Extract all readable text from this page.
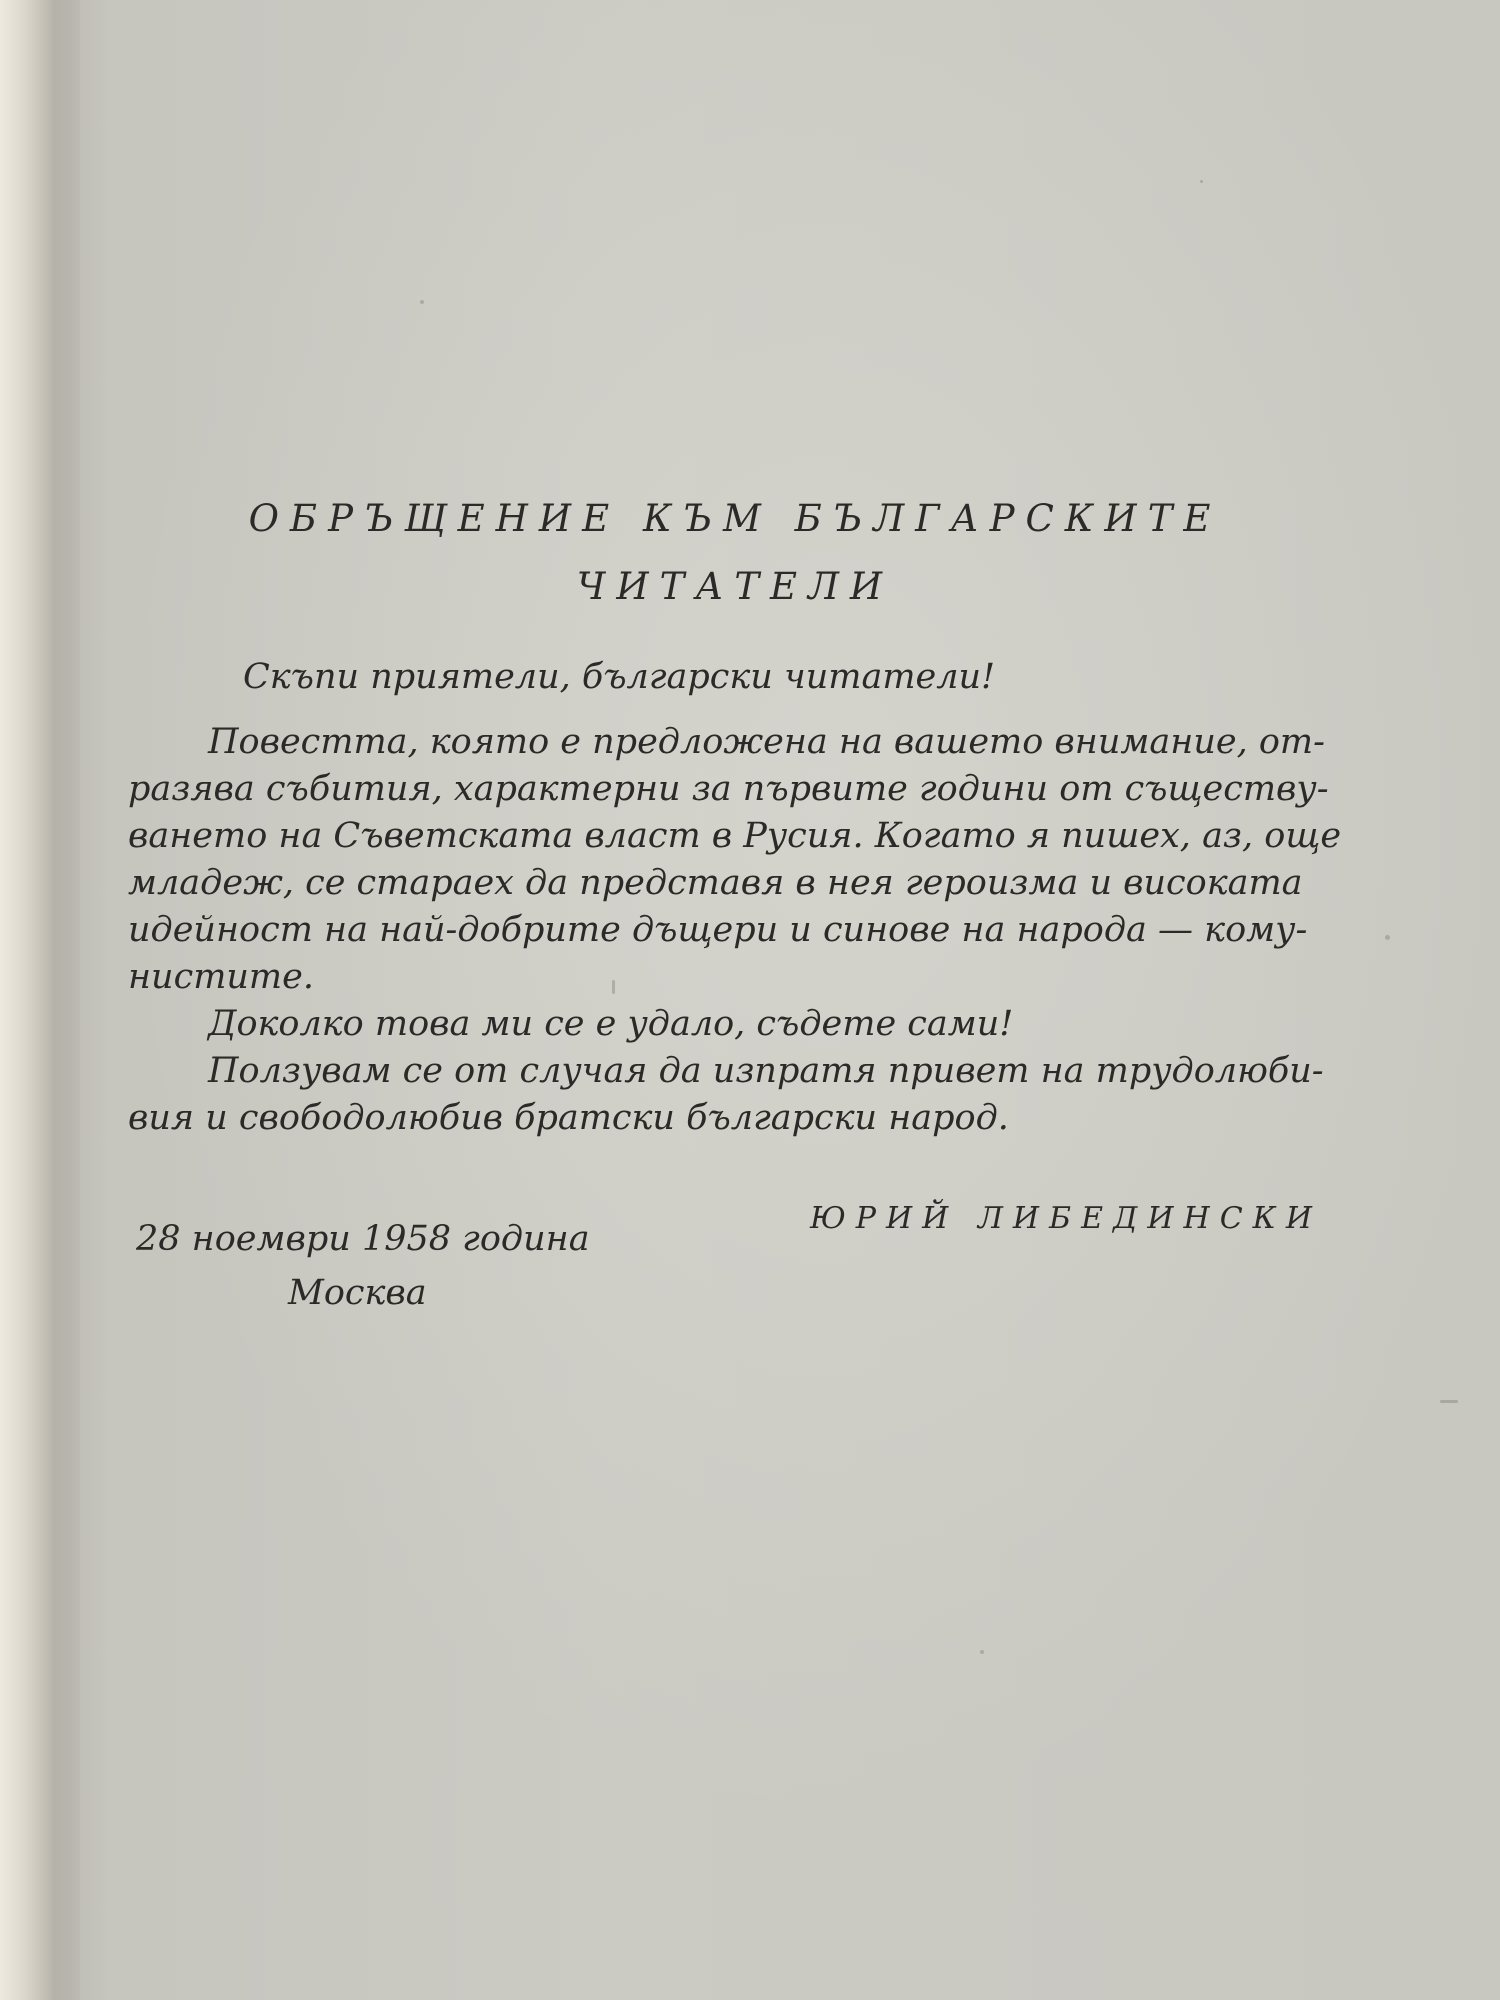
ОБРЪЩЕНИЕ КЪМ БЪЛГАРСКИТЕ
ЧИТАТЕЛИ
Скъпи приятели, български читатели!
Повестта, която е предложена на вашето внимание, от-
разява събития, характерни за първите години от съществу-
ването на Съветската власт в Русия. Когато я пишех, аз, още
младеж, се стараех да представя в нея героизма и високата
идейност на най-добрите дъщери и синове на народа — кому-
нистите.
Доколко това ми се е удало, съдете сами!
Ползувам се от случая да изпратя привет на трудолюби-
вия и свободолюбив братски български народ.
28 ноември 1958 година
Москва
ЮРИЙ ЛИБЕДИНСКИ
